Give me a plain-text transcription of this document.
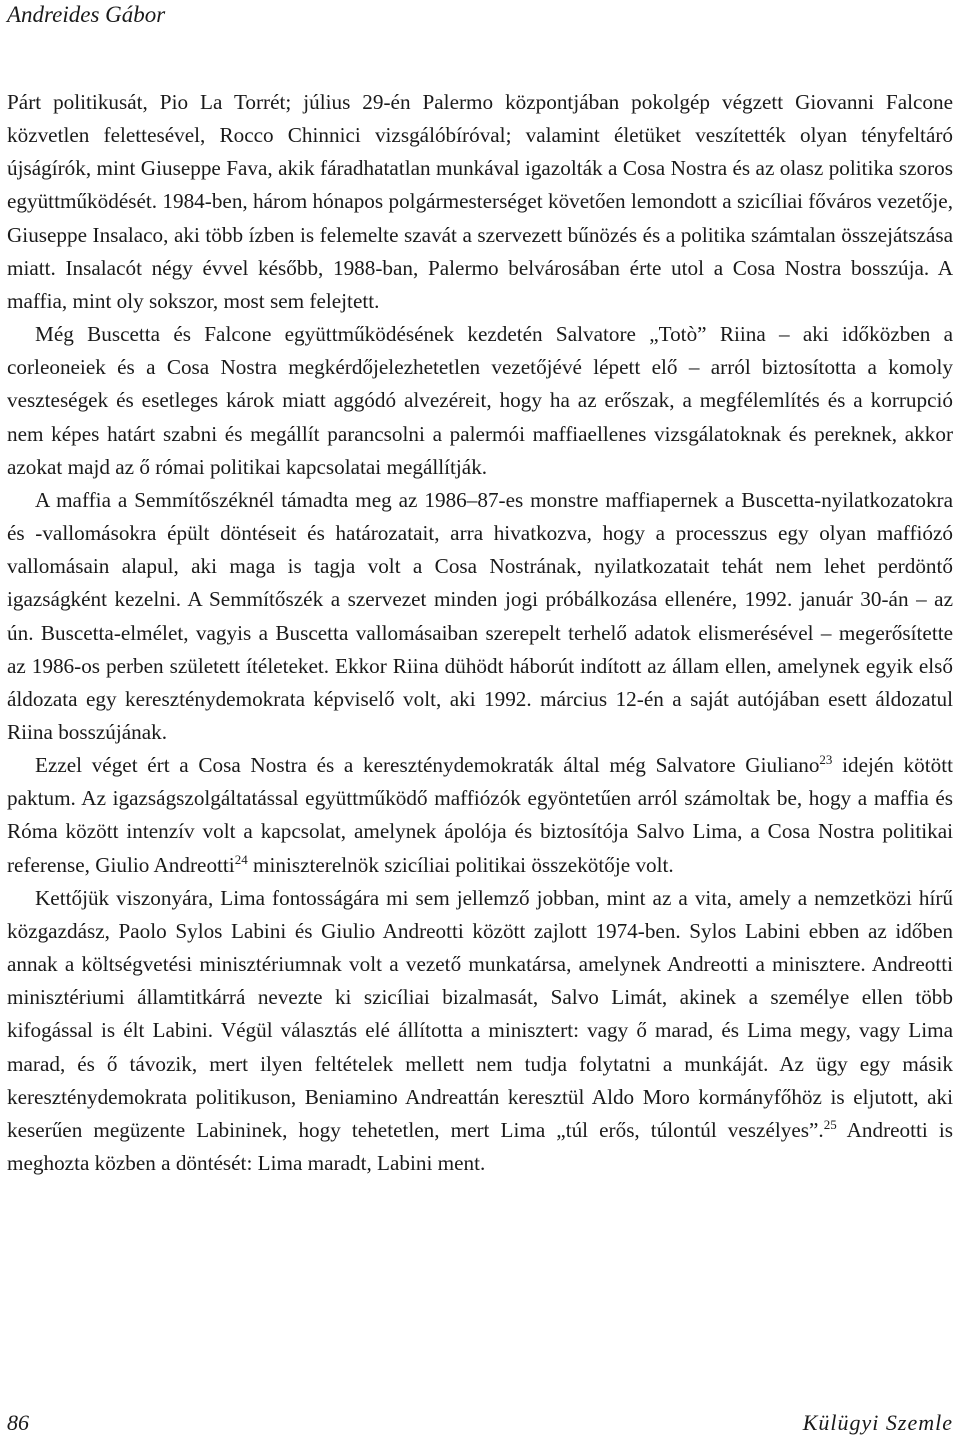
Andreides Gábor

Párt politikusát, Pio La Torrét; július 29-én Palermo központjában pokolgép végzett Giovanni Falcone közvetlen felettesével, Rocco Chinnici vizsgálóbíróval; valamint életüket veszítették olyan tényfeltáró újságírók, mint Giuseppe Fava, akik fáradhatatlan munkával igazolták a Cosa Nostra és az olasz politika szoros együttműködését. 1984-ben, három hónapos polgármesterséget követően lemondott a szicíliai főváros vezetője, Giuseppe Insalaco, aki több ízben is felemelte szavát a szervezett bűnözés és a politika számtalan összejátszása miatt. Insalacót négy évvel később, 1988-ban, Palermo belvárosában érte utol a Cosa Nostra bosszúja. A maffia, mint oly sokszor, most sem felejtett.

Még Buscetta és Falcone együttműködésének kezdetén Salvatore „Totò” Riina – aki időközben a corleoneiek és a Cosa Nostra megkérdőjelezhetetlen vezetőjévé lépett elő – arról biztosította a komoly veszteségek és esetleges károk miatt aggódó alvezéreit, hogy ha az erőszak, a megfélemlítés és a korrupció nem képes határt szabni és megállít parancsolni a palermói maffiaellenes vizsgálatoknak és pereknek, akkor azokat majd az ő római politikai kapcsolatai megállítják.

A maffia a Semmítőszéknél támadta meg az 1986–87-es monstre maffiapernek a Buscetta-nyilatkozatokra és -vallomásokra épült döntéseit és határozatait, arra hivatkozva, hogy a processzus egy olyan maffiózó vallomásain alapul, aki maga is tagja volt a Cosa Nostrának, nyilatkozatait tehát nem lehet perdöntő igazságként kezelni. A Semmítőszék a szervezet minden jogi próbálkozása ellenére, 1992. január 30-án – az ún. Buscetta-elmélet, vagyis a Buscetta vallomásaiban szerepelt terhelő adatok elismerésével – megerősítette az 1986-os perben született ítéleteket. Ekkor Riina dühödt háborút indított az állam ellen, amelynek egyik első áldozata egy kereszténydemokrata képviselő volt, aki 1992. március 12-én a saját autójában esett áldozatul Riina bosszújának.

Ezzel véget ért a Cosa Nostra és a kereszténydemokraták által még Salvatore Giuliano$^{23}$ idején kötött paktum. Az igazságszolgáltatással együttműködő maffiózók egyöntetűen arról számoltak be, hogy a maffia és Róma között intenzív volt a kapcsolat, amelynek ápolója és biztosítója Salvo Lima, a Cosa Nostra politikai referense, Giulio Andreotti$^{24}$ miniszterelnök szicíliai politikai összekötője volt.

Kettőjük viszonyára, Lima fontosságára mi sem jellemző jobban, mint az a vita, amely a nemzetközi hírű közgazdász, Paolo Sylos Labini és Giulio Andreotti között zajlott 1974-ben. Sylos Labini ebben az időben annak a költségvetési minisztériumnak volt a vezető munkatársa, amelynek Andreotti a minisztere. Andreotti minisztériumi államtitkárrá nevezte ki szicíliai bizalmasát, Salvo Limát, akinek a személye ellen több kifogással is élt Labini. Végül választás elé állította a minisztert: vagy ő marad, és Lima megy, vagy Lima marad, és ő távozik, mert ilyen feltételek mellett nem tudja folytatni a munkáját. Az ügy egy másik kereszténydemokrata politikuson, Beniamino Andreattán keresztül Aldo Moro kormányfőhöz is eljutott, aki keserűen megüzente Labininek, hogy tehetetlen, mert Lima „túl erős, túlontúl veszélyes”.$^{25}$ Andreotti is meghozta közben a döntését: Lima maradt, Labini ment.

86	Külügyi Szemle
